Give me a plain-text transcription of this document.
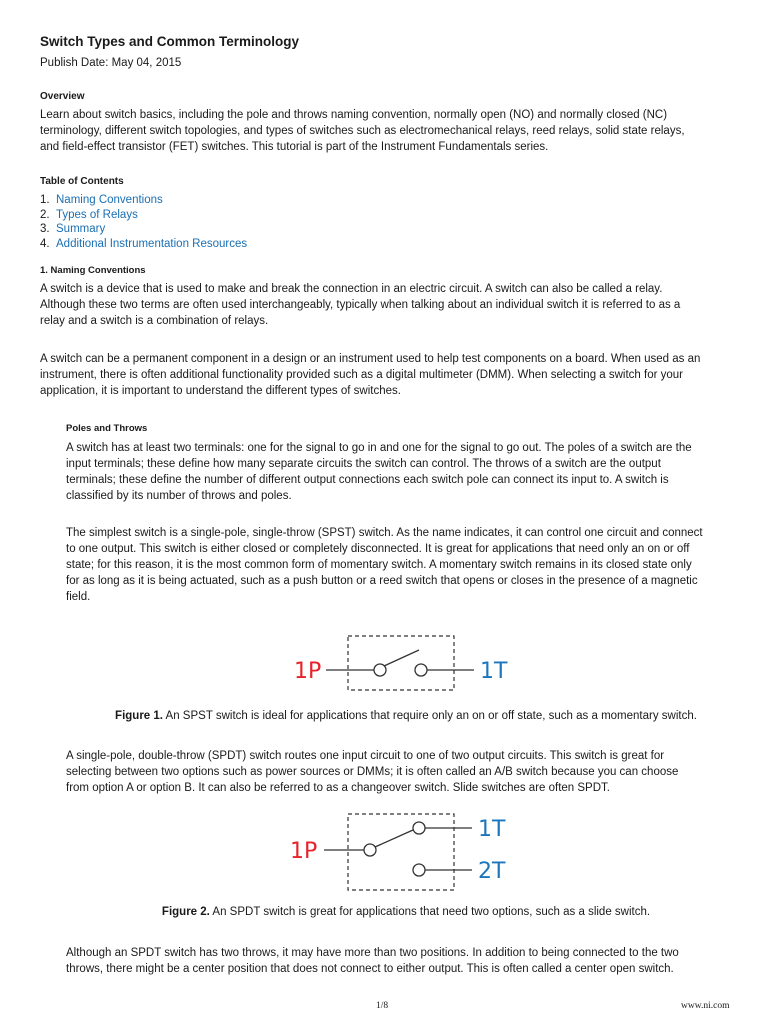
Switch Types and Common Terminology
Publish Date: May 04, 2015
Overview
Learn about switch basics, including the pole and throws naming convention, normally open (NO) and normally closed (NC)
terminology, different switch topologies, and types of switches such as electromechanical relays, reed relays, solid state relays,
and field-effect transistor (FET) switches. This tutorial is part of the Instrument Fundamentals series.
Table of Contents
1. Naming Conventions
2. Types of Relays
3. Summary
4. Additional Instrumentation Resources
1. Naming Conventions
A switch is a device that is used to make and break the connection in an electric circuit. A switch can also be called a relay.
Although these two terms are often used interchangeably, typically when talking about an individual switch it is referred to as a
relay and a switch is a combination of relays.
A switch can be a permanent component in a design or an instrument used to help test components on a board. When used as an
instrument, there is often additional functionality provided such as a digital multimeter (DMM). When selecting a switch for your
application, it is important to understand the different types of switches.
Poles and Throws
A switch has at least two terminals: one for the signal to go in and one for the signal to go out. The poles of a switch are the
input terminals; these define how many separate circuits the switch can control. The throws of a switch are the output
terminals; these define the number of different output connections each switch pole can connect its input to. A switch is
classified by its number of throws and poles.
The simplest switch is a single-pole, single-throw (SPST) switch. As the name indicates, it can control one circuit and connect
to one output. This switch is either closed or completely disconnected. It is great for applications that need only an on or off
state; for this reason, it is the most common form of momentary switch. A momentary switch remains in its closed state only
for as long as it is being actuated, such as a push button or a reed switch that opens or closes in the presence of a magnetic
field.
1P	1T
Figure 1. An SPST switch is ideal for applications that require only an on or off state, such as a momentary switch.
A single-pole, double-throw (SPDT) switch routes one input circuit to one of two output circuits. This switch is great for
selecting between two options such as power sources or DMMs; it is often called an A/B switch because you can choose
from option A or option B. It can also be referred to as a changeover switch. Slide switches are often SPDT.
1P
1T
2T
Figure 2. An SPDT switch is great for applications that need two options, such as a slide switch.
Although an SPDT switch has two throws, it may have more than two positions. In addition to being connected to the two
throws, there might be a center position that does not connect to either output. This is often called a center open switch.
1/8	www.ni.com
